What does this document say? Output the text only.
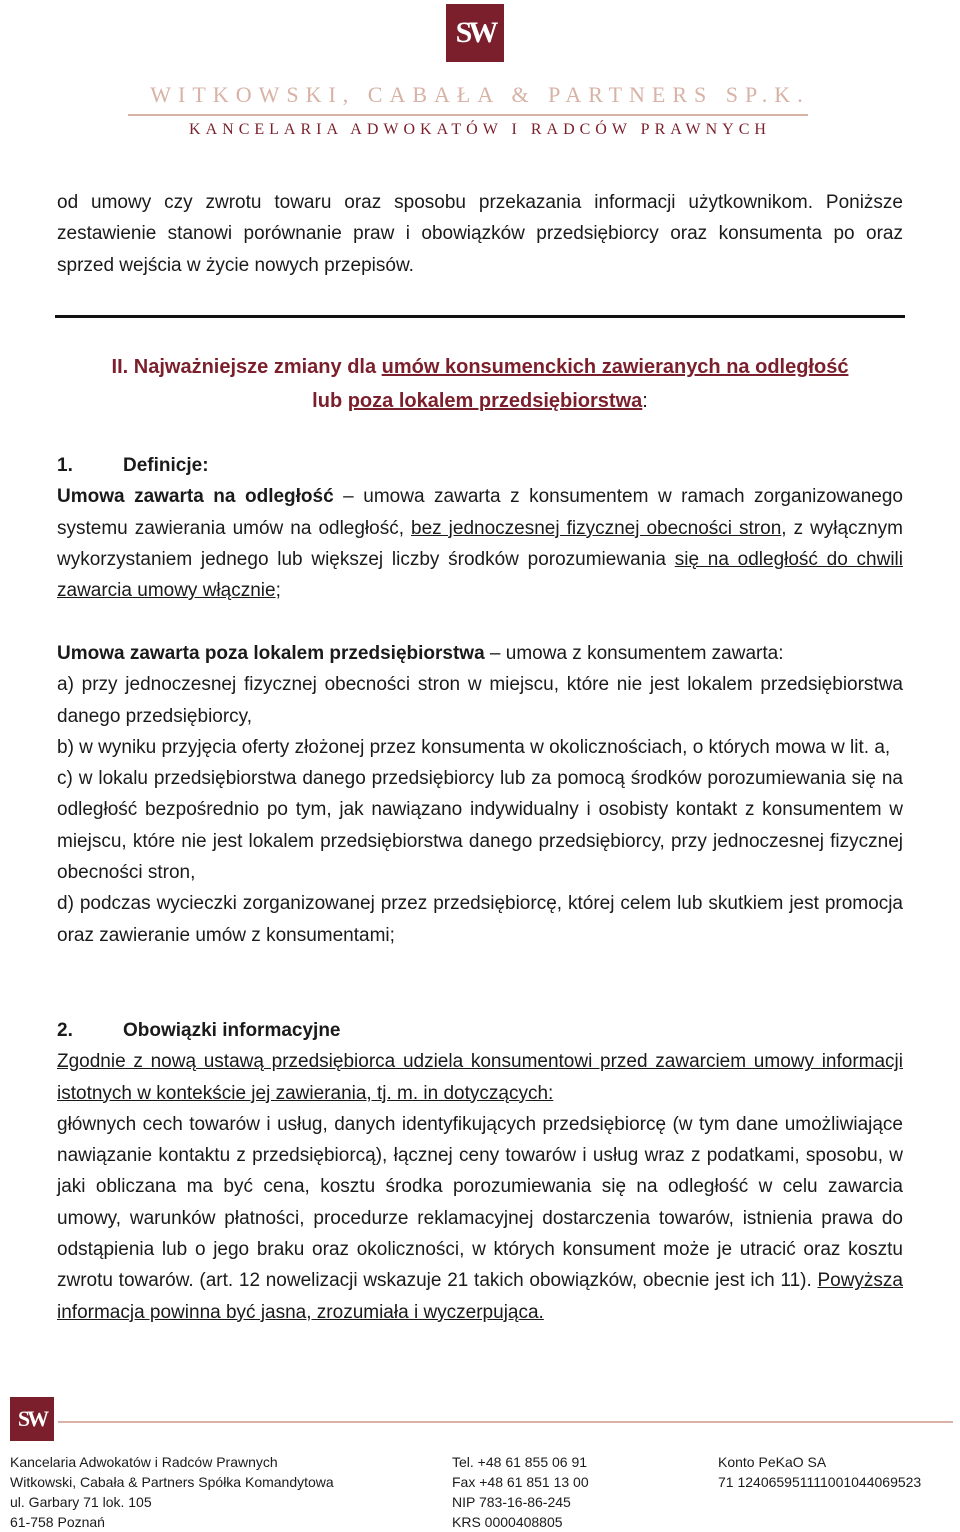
SW
WITKOWSKI, CABAŁA & PARTNERS SP.K.
KANCELARIA ADWOKATÓW I RADCÓW PRAWNYCH

od umowy czy zwrotu towaru oraz sposobu przekazania informacji użytkownikom. Poniższe zestawienie stanowi porównanie praw i obowiązków przedsiębiorcy oraz konsumenta po oraz sprzed wejścia w życie nowych przepisów.

II. Najważniejsze zmiany dla umów konsumenckich zawieranych na odległość
lub poza lokalem przedsiębiorstwa:
1.	Definicje:
Umowa zawarta na odległość – umowa zawarta z konsumentem w ramach zorganizowanego systemu zawierania umów na odległość, bez jednoczesnej fizycznej obecności stron, z wyłącznym wykorzystaniem jednego lub większej liczby środków porozumiewania się na odległość do chwili zawarcia umowy włącznie;
Umowa zawarta poza lokalem przedsiębiorstwa – umowa z konsumentem zawarta:
a) przy jednoczesnej fizycznej obecności stron w miejscu, które nie jest lokalem przedsiębiorstwa danego przedsiębiorcy,
b) w wyniku przyjęcia oferty złożonej przez konsumenta w okolicznościach, o których mowa w lit. a,
c) w lokalu przedsiębiorstwa danego przedsiębiorcy lub za pomocą środków porozumiewania się na odległość bezpośrednio po tym, jak nawiązano indywidualny i osobisty kontakt z konsumentem w miejscu, które nie jest lokalem przedsiębiorstwa danego przedsiębiorcy, przy jednoczesnej fizycznej obecności stron,
d) podczas wycieczki zorganizowanej przez przedsiębiorcę, której celem lub skutkiem jest promocja oraz zawieranie umów z konsumentami;
2.	Obowiązki informacyjne
Zgodnie z nową ustawą przedsiębiorca udziela konsumentowi przed zawarciem umowy informacji istotnych w kontekście jej zawierania, tj. m. in dotyczących:
głównych cech towarów i usług, danych identyfikujących przedsiębiorcę (w tym dane umożliwiające nawiązanie kontaktu z przedsiębiorcą), łącznej ceny towarów i usług wraz z podatkami, sposobu, w jaki obliczana ma być cena, kosztu środka porozumiewania się na odległość w celu zawarcia umowy, warunków płatności, procedurze reklamacyjnej dostarczenia towarów, istnienia prawa do odstąpienia lub o jego braku oraz okoliczności, w których konsument może je utracić oraz kosztu zwrotu towarów. (art. 12 nowelizacji wskazuje 21 takich obowiązków, obecnie jest ich 11). Powyższa informacja powinna być jasna, zrozumiała i wyczerpująca.
SW
Kancelaria Adwokatów i Radców Prawnych
Witkowski, Cabała & Partners Spółka Komandytowa
ul. Garbary 71 lok. 105
61-758 Poznań
Tel. +48 61 855 06 91
Fax +48 61 851 13 00
NIP 783-16-86-245
KRS 0000408805
Konto PeKaO SA
71 124065951111001044069523
